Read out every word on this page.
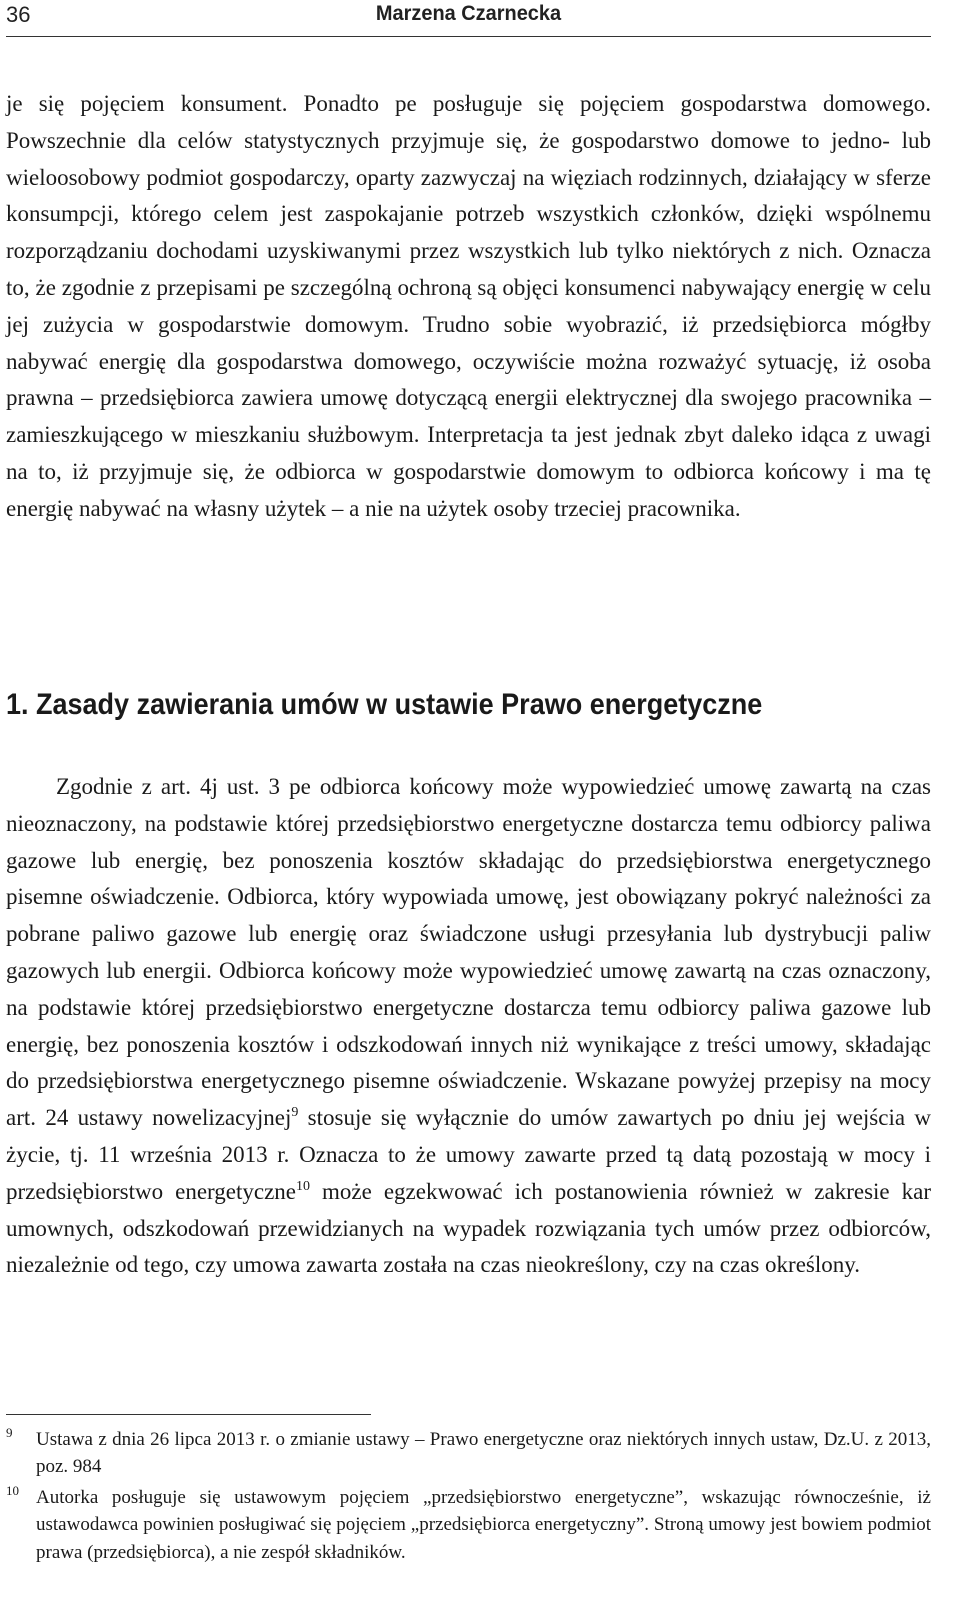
36	Marzena Czarnecka

je się pojęciem konsument. Ponadto pe posługuje się pojęciem gospodarstwa domowego. Powszechnie dla celów statystycznych przyjmuje się, że gospodarstwo domowe to jedno- lub wieloosobowy podmiot gospodarczy, oparty zazwyczaj na więziach rodzinnych, działający w sferze konsumpcji, którego celem jest zaspokajanie potrzeb wszystkich członków, dzięki wspólnemu rozporządzaniu dochodami uzyskiwanymi przez wszystkich lub tylko niektórych z nich. Oznacza to, że zgodnie z przepisami pe szczególną ochroną są objęci konsumenci nabywający energię w celu jej zużycia w gospodarstwie domowym. Trudno sobie wyobrazić, iż przedsiębiorca mógłby nabywać energię dla gospodarstwa domowego, oczywiście można rozważyć sytuację, iż osoba prawna – przedsiębiorca zawiera umowę dotyczącą energii elektrycznej dla swojego pracownika – zamieszkującego w mieszkaniu służbowym. Interpretacja ta jest jednak zbyt daleko idąca z uwagi na to, iż przyjmuje się, że odbiorca w gospodarstwie domowym to odbiorca końcowy i ma tę energię nabywać na własny użytek – a nie na użytek osoby trzeciej pracownika.

1. Zasady zawierania umów w ustawie Prawo energetyczne

Zgodnie z art. 4j ust. 3 pe odbiorca końcowy może wypowiedzieć umowę zawartą na czas nieoznaczony, na podstawie której przedsiębiorstwo energetyczne dostarcza temu odbiorcy paliwa gazowe lub energię, bez ponoszenia kosztów składając do przedsiębiorstwa energetycznego pisemne oświadczenie. Odbiorca, który wypowiada umowę, jest obowiązany pokryć należności za pobrane paliwo gazowe lub energię oraz świadczone usługi przesyłania lub dystrybucji paliw gazowych lub energii. Odbiorca końcowy może wypowiedzieć umowę zawartą na czas oznaczony, na podstawie której przedsiębiorstwo energetyczne dostarcza temu odbiorcy paliwa gazowe lub energię, bez ponoszenia kosztów i odszkodowań innych niż wynikające z treści umowy, składając do przedsiębiorstwa energetycznego pisemne oświadczenie. Wskazane powyżej przepisy na mocy art. 24 ustawy nowelizacyjnej$^9$ stosuje się wyłącznie do umów zawartych po dniu jej wejścia w życie, tj. 11 września 2013 r. Oznacza to że umowy zawarte przed tą datą pozostają w mocy i przedsiębiorstwo energetyczne$^{10}$ może egzekwować ich postanowienia również w zakresie kar umownych, odszkodowań przewidzianych na wypadek rozwiązania tych umów przez odbiorców, niezależnie od tego, czy umowa zawarta została na czas nieokreślony, czy na czas określony.

9 Ustawa z dnia 26 lipca 2013 r. o zmianie ustawy – Prawo energetyczne oraz niektórych innych ustaw, Dz.U. z 2013, poz. 984
10 Autorka posługuje się ustawowym pojęciem „przedsiębiorstwo energetyczne”, wskazując równocześnie, iż ustawodawca powinien posługiwać się pojęciem „przedsiębiorca energetyczny”. Stroną umowy jest bowiem podmiot prawa (przedsiębiorca), a nie zespół składników.
